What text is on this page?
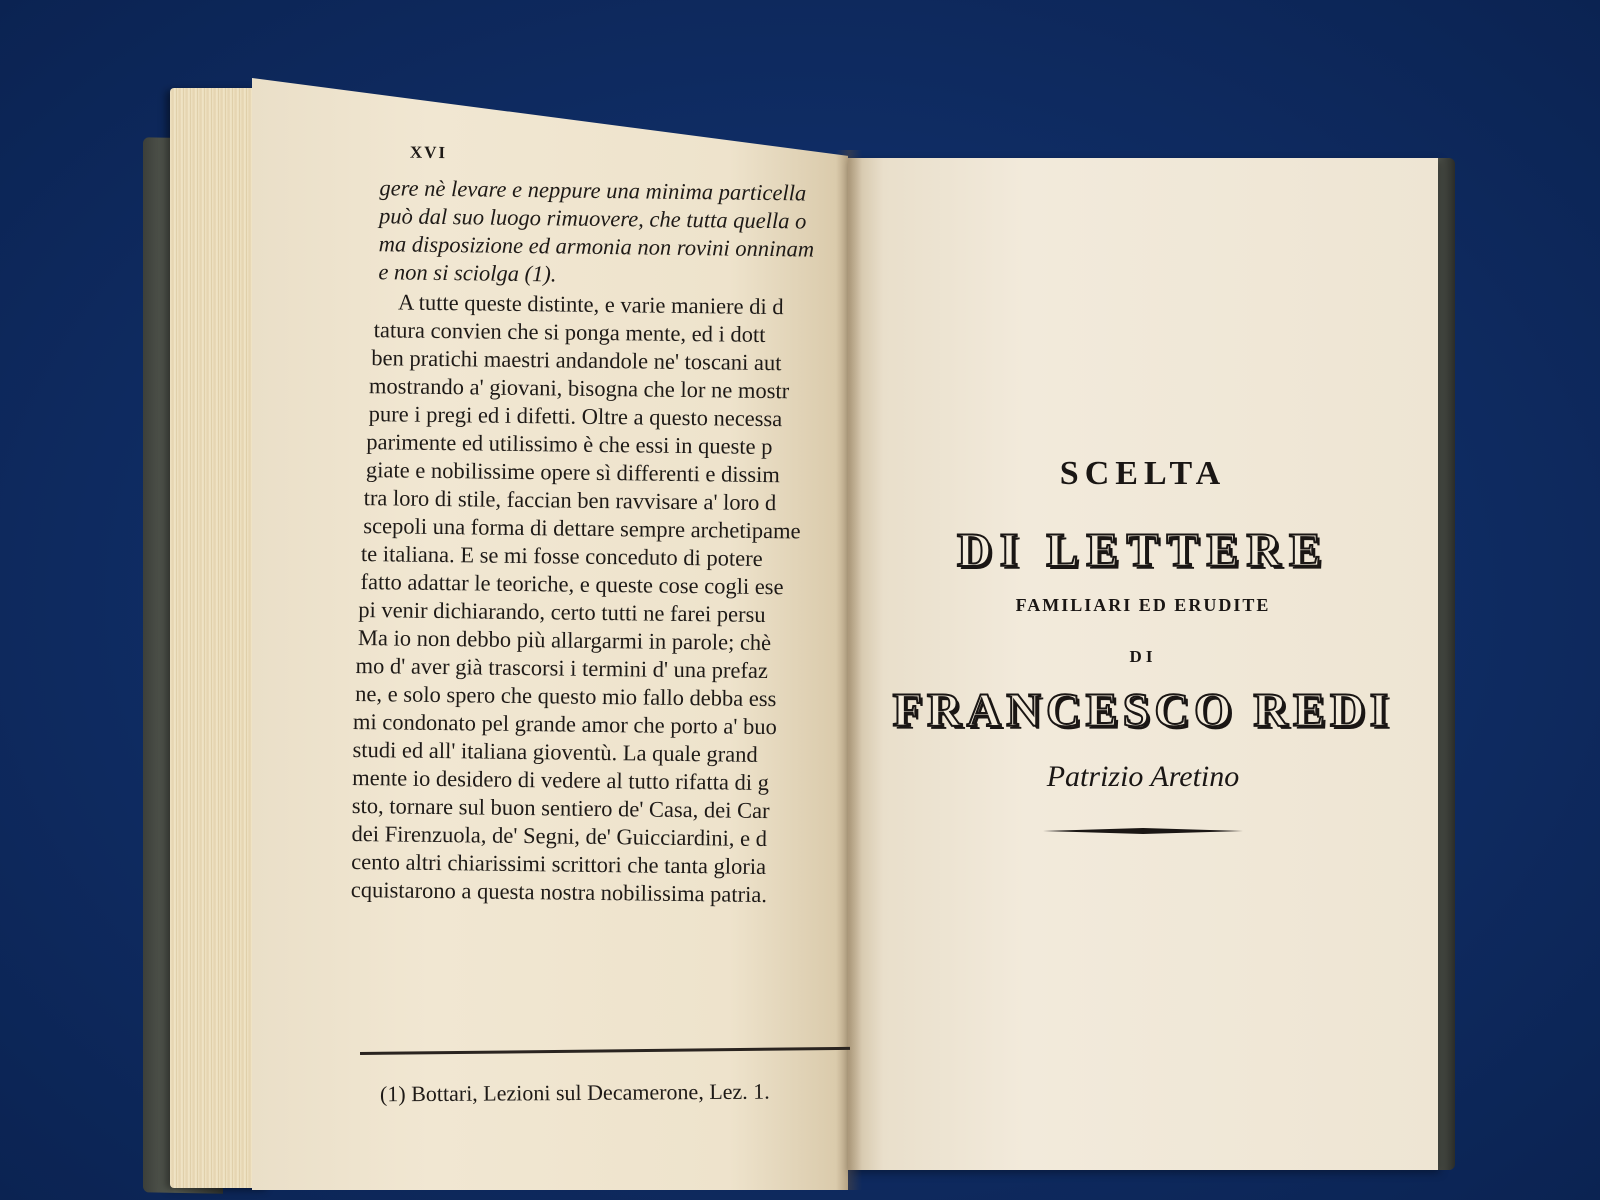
XVI
gere nè levare e neppure una minima particella
può dal suo luogo rimuovere, che tutta quella o
ma disposizione ed armonia non rovini onninam
e non si sciolga (1).
A tutte queste distinte, e varie maniere di d
tatura convien che si ponga mente, ed i dott
ben pratichi maestri andandole ne' toscani aut
mostrando a' giovani, bisogna che lor ne mostr
pure i pregi ed i difetti. Oltre a questo necessa
parimente ed utilissimo è che essi in queste p
giate e nobilissime opere sì differenti e dissim
tra loro di stile, faccian ben ravvisare a' loro d
scepoli una forma di dettare sempre archetipame
te italiana. E se mi fosse conceduto di potere
fatto adattar le teoriche, e queste cose cogli ese
pi venir dichiarando, certo tutti ne farei persu
Ma io non debbo più allargarmi in parole; chè
mo d' aver già trascorsi i termini d' una prefaz
ne, e solo spero che questo mio fallo debba ess
mi condonato pel grande amor che porto a' buo
studi ed all' italiana gioventù. La quale grand
mente io desidero di vedere al tutto rifatta di g
sto, tornare sul buon sentiero de' Casa, dei Car
dei Firenzuola, de' Segni, de' Guicciardini, e d
cento altri chiarissimi scrittori che tanta gloria
cquistarono a questa nostra nobilissima patria.
(1) Bottari, Lezioni sul Decamerone, Lez. 1.
SCELTA
DI LETTERE
FAMILIARI ED ERUDITE
DI
FRANCESCO REDI
Patrizio Aretino
